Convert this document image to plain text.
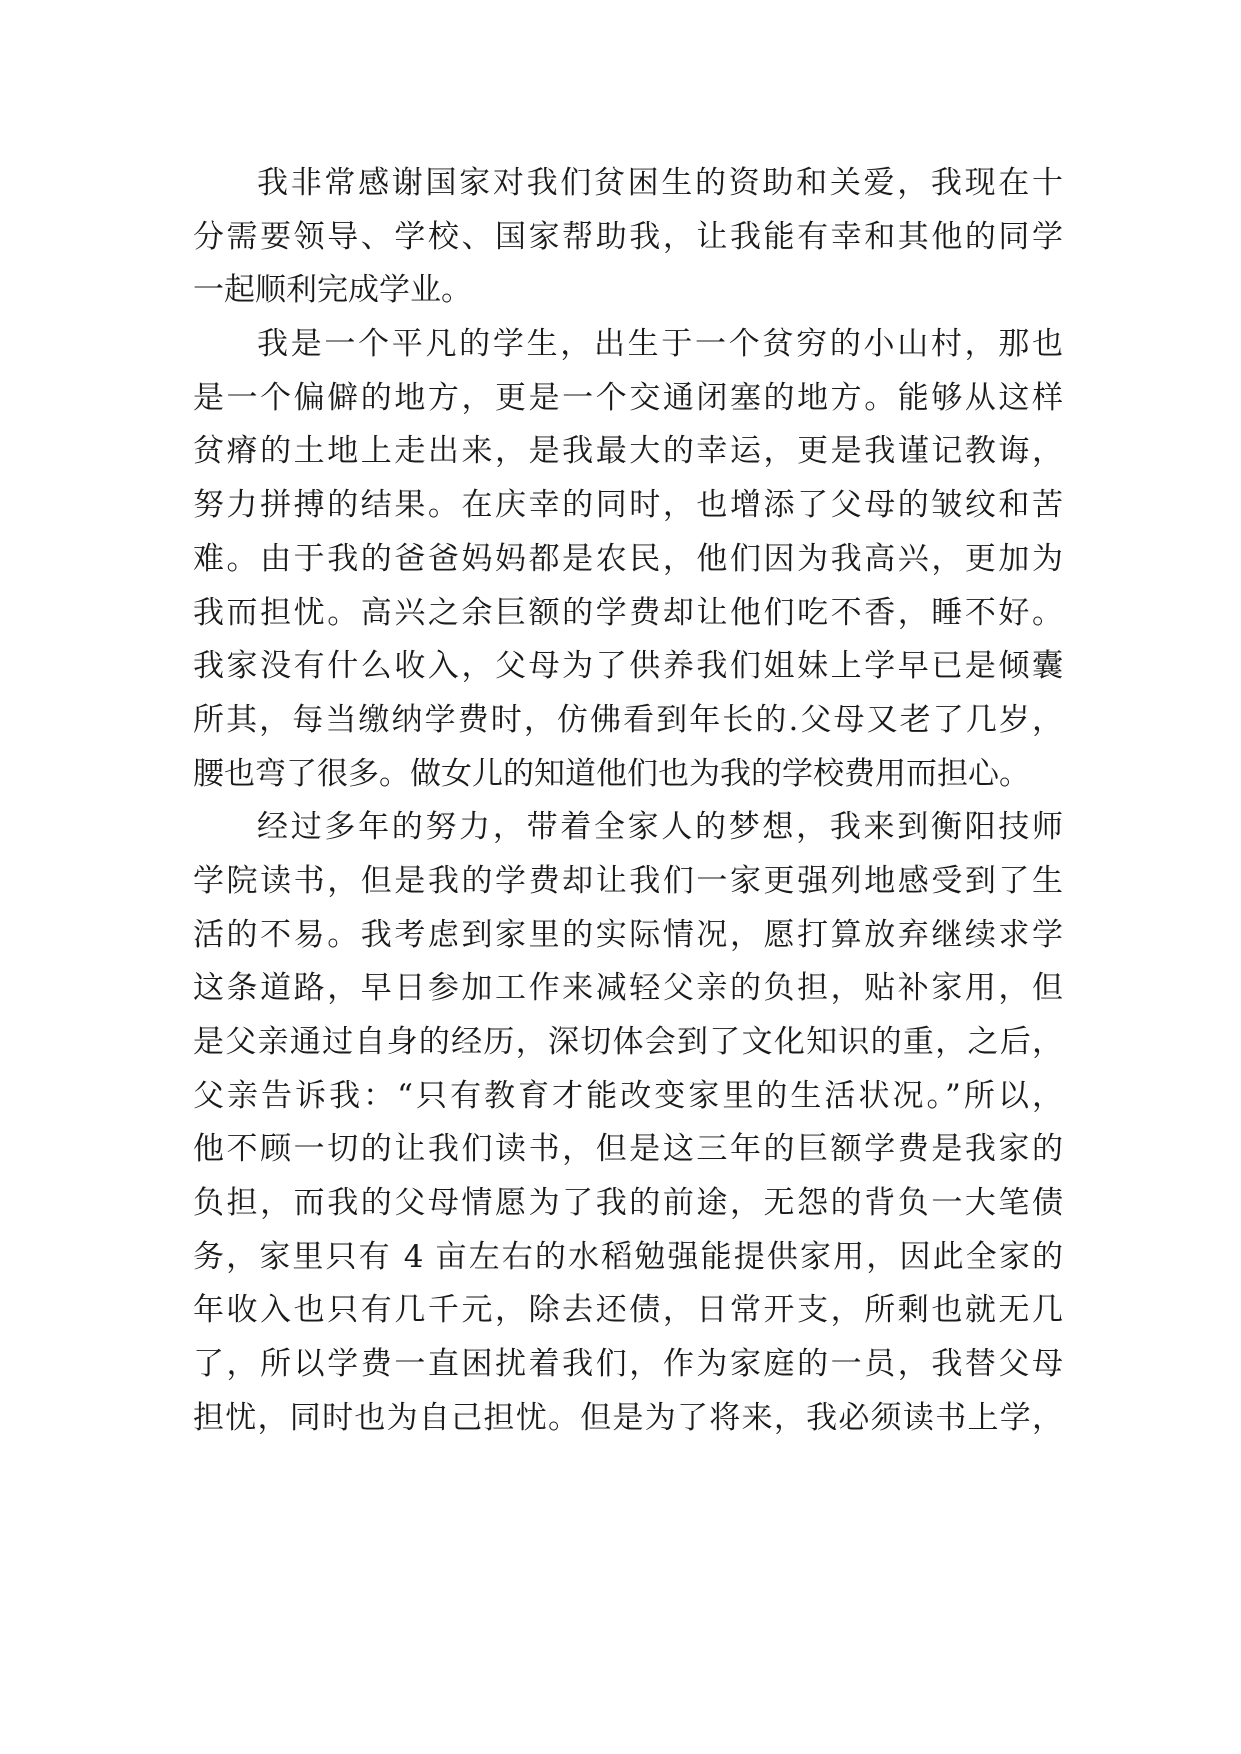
我非常感谢国家对我们贫困生的资助和关爱，我现在十
分需要领导、学校、国家帮助我，让我能有幸和其他的同学
一起顺利完成学业。
我是一个平凡的学生，出生于一个贫穷的小山村，那也
是一个偏僻的地方，更是一个交通闭塞的地方。能够从这样
贫瘠的土地上走出来，是我最大的幸运，更是我谨记教诲，
努力拼搏的结果。在庆幸的同时，也增添了父母的皱纹和苦
难。由于我的爸爸妈妈都是农民，他们因为我高兴，更加为
我而担忧。高兴之余巨额的学费却让他们吃不香，睡不好。
我家没有什么收入，父母为了供养我们姐妹上学早已是倾囊
所其，每当缴纳学费时，仿佛看到年长的.父母又老了几岁，
腰也弯了很多。做女儿的知道他们也为我的学校费用而担心。
经过多年的努力，带着全家人的梦想，我来到衡阳技师
学院读书，但是我的学费却让我们一家更强列地感受到了生
活的不易。我考虑到家里的实际情况，愿打算放弃继续求学
这条道路，早日参加工作来减轻父亲的负担，贴补家用，但
是父亲通过自身的经历，深切体会到了文化知识的重，之后，
父亲告诉我：“只有教育才能改变家里的生活状况。”所以，
他不顾一切的让我们读书，但是这三年的巨额学费是我家的
负担，而我的父母情愿为了我的前途，无怨的背负一大笔债
务，家里只有 4 亩左右的水稻勉强能提供家用，因此全家的
年收入也只有几千元，除去还债，日常开支，所剩也就无几
了，所以学费一直困扰着我们，作为家庭的一员，我替父母
担忧，同时也为自己担忧。但是为了将来，我必须读书上学，
